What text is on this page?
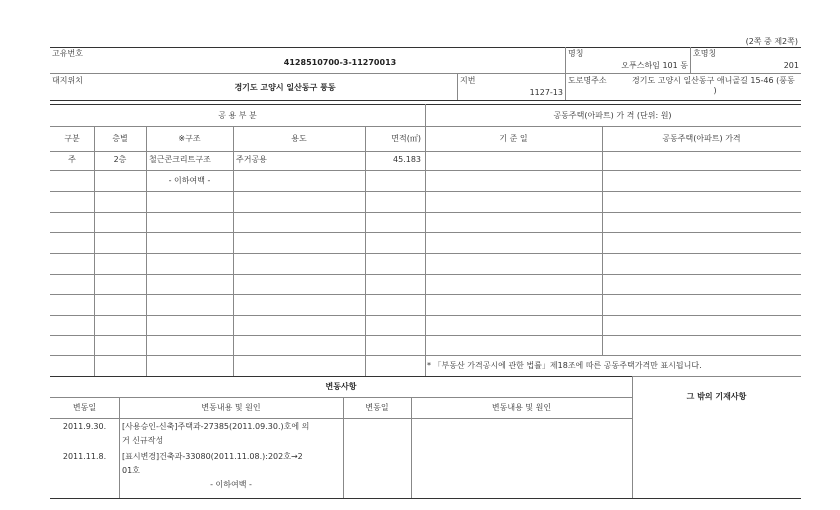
(2쪽 중 제2쪽)
고유번호
4128510700-3-11270013
명칭
오푸스하임 101 동
호명칭
201
대지위치
경기도 고양시 일산동구 풍동
지번
1127-13
도로명주소	경기도 고양시 일산동구 애니골길 15-46 (풍동
)
공 용 부 분	공동주택(아파트) 가 격 (단위: 원)
구분	층별	※구조	용도	면적(㎡)	기 준 일	공동주택(아파트) 가격
주	2층	철근콘크리트구조	주거공용	45.183
- 이하여백 -
* 「부동산 가격공시에 관한 법률」제18조에 따른 공동주택가격만 표시됩니다.
변동사항
그 밖의 기재사항
변동일	변동내용 및 원인	변동일	변동내용 및 원인
2011.9.30.	[사용승인-신축]주택과-27385(2011.09.30.)호에 의
거 신규작성
2011.11.8.	[표시변경]건축과-33080(2011.11.08.):202호→2
01호
- 이하여백 -
